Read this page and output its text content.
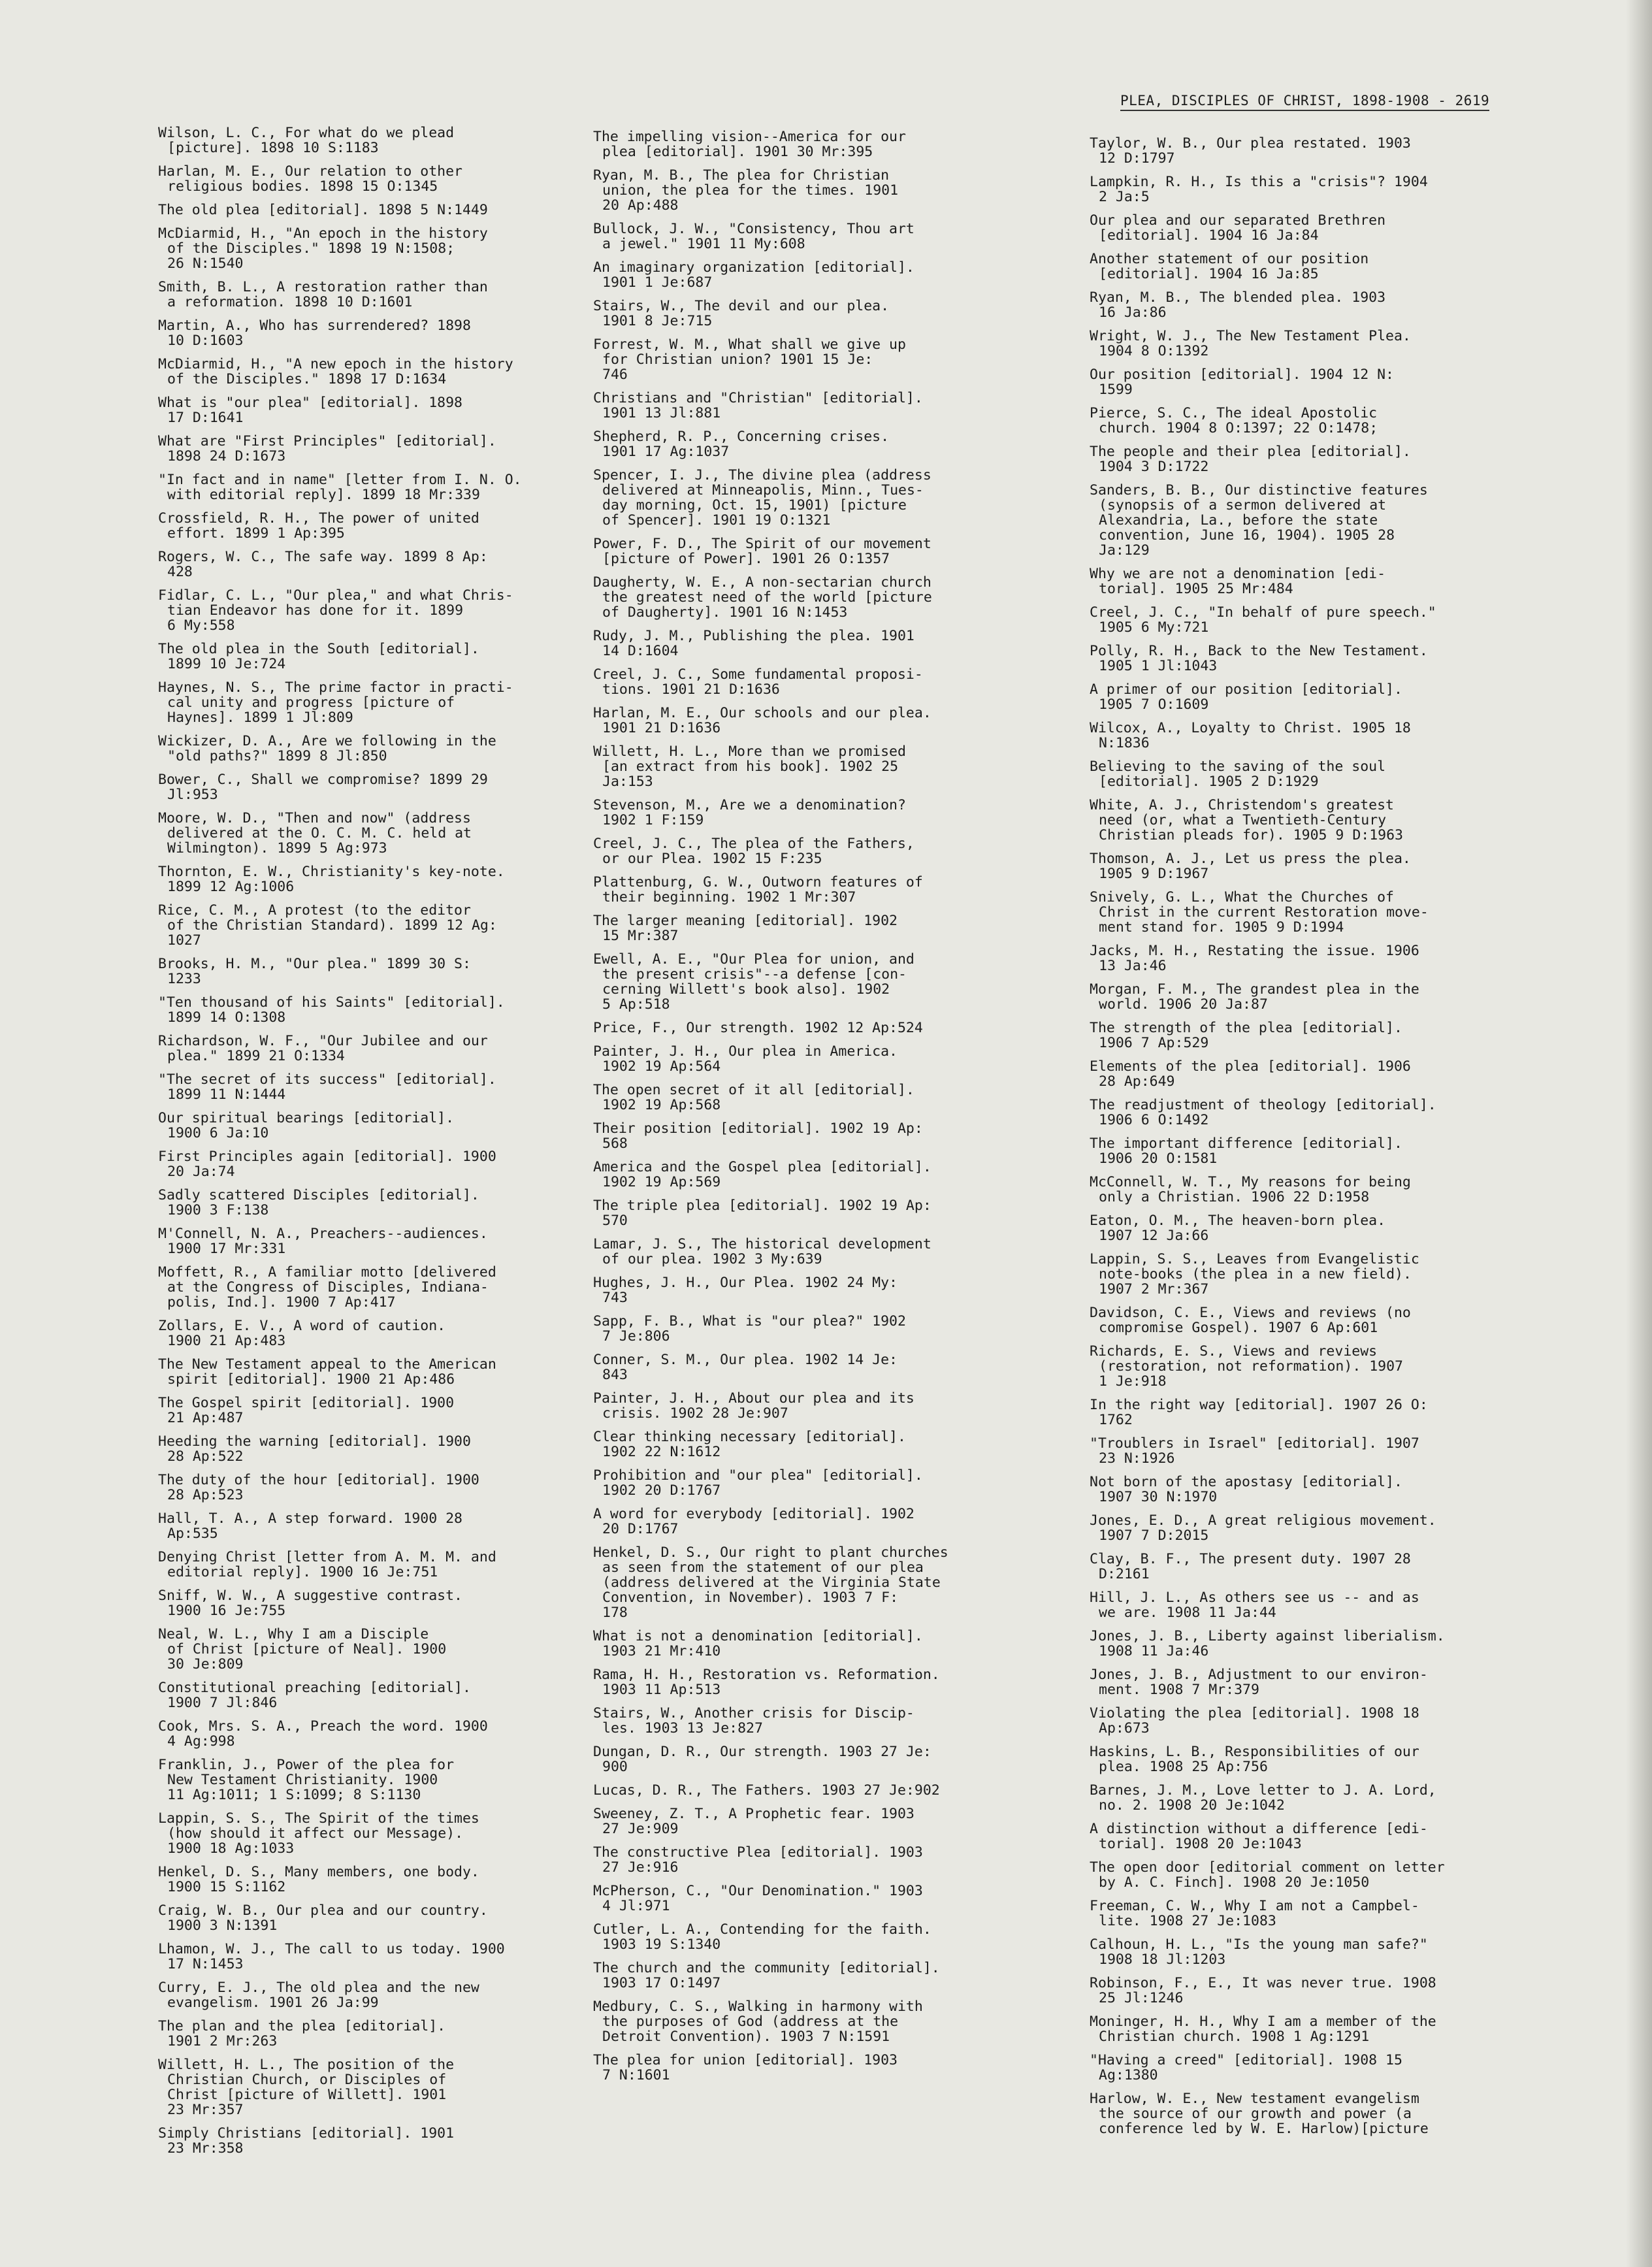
PLEA, DISCIPLES OF CHRIST, 1898-1908 - 2619
Wilson, L. C., For what do we plead
[picture]. 1898 10 S:1183
Harlan, M. E., Our relation to other
religious bodies. 1898 15 O:1345
The old plea [editorial]. 1898 5 N:1449
McDiarmid, H., "An epoch in the history
of the Disciples." 1898 19 N:1508;
26 N:1540
Smith, B. L., A restoration rather than
a reformation. 1898 10 D:1601
Martin, A., Who has surrendered? 1898
10 D:1603
McDiarmid, H., "A new epoch in the history
of the Disciples." 1898 17 D:1634
What is "our plea" [editorial]. 1898
17 D:1641
What are "First Principles" [editorial].
1898 24 D:1673
"In fact and in name" [letter from I. N. O.
with editorial reply]. 1899 18 Mr:339
Crossfield, R. H., The power of united
effort. 1899 1 Ap:395
Rogers, W. C., The safe way. 1899 8 Ap:
428
Fidlar, C. L., "Our plea," and what Chris-
tian Endeavor has done for it. 1899
6 My:558
The old plea in the South [editorial].
1899 10 Je:724
Haynes, N. S., The prime factor in practi-
cal unity and progress [picture of
Haynes]. 1899 1 Jl:809
Wickizer, D. A., Are we following in the
"old paths?" 1899 8 Jl:850
Bower, C., Shall we compromise? 1899 29
Jl:953
Moore, W. D., "Then and now" (address
delivered at the O. C. M. C. held at
Wilmington). 1899 5 Ag:973
Thornton, E. W., Christianity's key-note.
1899 12 Ag:1006
Rice, C. M., A protest (to the editor
of the Christian Standard). 1899 12 Ag:
1027
Brooks, H. M., "Our plea." 1899 30 S:
1233
"Ten thousand of his Saints" [editorial].
1899 14 O:1308
Richardson, W. F., "Our Jubilee and our
plea." 1899 21 O:1334
"The secret of its success" [editorial].
1899 11 N:1444
Our spiritual bearings [editorial].
1900 6 Ja:10
First Principles again [editorial]. 1900
20 Ja:74
Sadly scattered Disciples [editorial].
1900 3 F:138
M'Connell, N. A., Preachers--audiences.
1900 17 Mr:331
Moffett, R., A familiar motto [delivered
at the Congress of Disciples, Indiana-
polis, Ind.]. 1900 7 Ap:417
Zollars, E. V., A word of caution.
1900 21 Ap:483
The New Testament appeal to the American
spirit [editorial]. 1900 21 Ap:486
The Gospel spirit [editorial]. 1900
21 Ap:487
Heeding the warning [editorial]. 1900
28 Ap:522
The duty of the hour [editorial]. 1900
28 Ap:523
Hall, T. A., A step forward. 1900 28
Ap:535
Denying Christ [letter from A. M. M. and
editorial reply]. 1900 16 Je:751
Sniff, W. W., A suggestive contrast.
1900 16 Je:755
Neal, W. L., Why I am a Disciple
of Christ [picture of Neal]. 1900
30 Je:809
Constitutional preaching [editorial].
1900 7 Jl:846
Cook, Mrs. S. A., Preach the word. 1900
4 Ag:998
Franklin, J., Power of the plea for
New Testament Christianity. 1900
11 Ag:1011; 1 S:1099; 8 S:1130
Lappin, S. S., The Spirit of the times
(how should it affect our Message).
1900 18 Ag:1033
Henkel, D. S., Many members, one body.
1900 15 S:1162
Craig, W. B., Our plea and our country.
1900 3 N:1391
Lhamon, W. J., The call to us today. 1900
17 N:1453
Curry, E. J., The old plea and the new
evangelism. 1901 26 Ja:99
The plan and the plea [editorial].
1901 2 Mr:263
Willett, H. L., The position of the
Christian Church, or Disciples of
Christ [picture of Willett]. 1901
23 Mr:357
Simply Christians [editorial]. 1901
23 Mr:358
The impelling vision--America for our
plea [editorial]. 1901 30 Mr:395
Ryan, M. B., The plea for Christian
union, the plea for the times. 1901
20 Ap:488
Bullock, J. W., "Consistency, Thou art
a jewel." 1901 11 My:608
An imaginary organization [editorial].
1901 1 Je:687
Stairs, W., The devil and our plea.
1901 8 Je:715
Forrest, W. M., What shall we give up
for Christian union? 1901 15 Je:
746
Christians and "Christian" [editorial].
1901 13 Jl:881
Shepherd, R. P., Concerning crises.
1901 17 Ag:1037
Spencer, I. J., The divine plea (address
delivered at Minneapolis, Minn., Tues-
day morning, Oct. 15, 1901) [picture
of Spencer]. 1901 19 O:1321
Power, F. D., The Spirit of our movement
[picture of Power]. 1901 26 O:1357
Daugherty, W. E., A non-sectarian church
the greatest need of the world [picture
of Daugherty]. 1901 16 N:1453
Rudy, J. M., Publishing the plea. 1901
14 D:1604
Creel, J. C., Some fundamental proposi-
tions. 1901 21 D:1636
Harlan, M. E., Our schools and our plea.
1901 21 D:1636
Willett, H. L., More than we promised
[an extract from his book]. 1902 25
Ja:153
Stevenson, M., Are we a denomination?
1902 1 F:159
Creel, J. C., The plea of the Fathers,
or our Plea. 1902 15 F:235
Plattenburg, G. W., Outworn features of
their beginning. 1902 1 Mr:307
The larger meaning [editorial]. 1902
15 Mr:387
Ewell, A. E., "Our Plea for union, and
the present crisis"--a defense [con-
cerning Willett's book also]. 1902
5 Ap:518
Price, F., Our strength. 1902 12 Ap:524
Painter, J. H., Our plea in America.
1902 19 Ap:564
The open secret of it all [editorial].
1902 19 Ap:568
Their position [editorial]. 1902 19 Ap:
568
America and the Gospel plea [editorial].
1902 19 Ap:569
The triple plea [editorial]. 1902 19 Ap:
570
Lamar, J. S., The historical development
of our plea. 1902 3 My:639
Hughes, J. H., Our Plea. 1902 24 My:
743
Sapp, F. B., What is "our plea?" 1902
7 Je:806
Conner, S. M., Our plea. 1902 14 Je:
843
Painter, J. H., About our plea and its
crisis. 1902 28 Je:907
Clear thinking necessary [editorial].
1902 22 N:1612
Prohibition and "our plea" [editorial].
1902 20 D:1767
A word for everybody [editorial]. 1902
20 D:1767
Henkel, D. S., Our right to plant churches
as seen from the statement of our plea
(address delivered at the Virginia State
Convention, in November). 1903 7 F:
178
What is not a denomination [editorial].
1903 21 Mr:410
Rama, H. H., Restoration vs. Reformation.
1903 11 Ap:513
Stairs, W., Another crisis for Discip-
les. 1903 13 Je:827
Dungan, D. R., Our strength. 1903 27 Je:
900
Lucas, D. R., The Fathers. 1903 27 Je:902
Sweeney, Z. T., A Prophetic fear. 1903
27 Je:909
The constructive Plea [editorial]. 1903
27 Je:916
McPherson, C., "Our Denomination." 1903
4 Jl:971
Cutler, L. A., Contending for the faith.
1903 19 S:1340
The church and the community [editorial].
1903 17 O:1497
Medbury, C. S., Walking in harmony with
the purposes of God (address at the
Detroit Convention). 1903 7 N:1591
The plea for union [editorial]. 1903
7 N:1601
Taylor, W. B., Our plea restated. 1903
12 D:1797
Lampkin, R. H., Is this a "crisis"? 1904
2 Ja:5
Our plea and our separated Brethren
[editorial]. 1904 16 Ja:84
Another statement of our position
[editorial]. 1904 16 Ja:85
Ryan, M. B., The blended plea. 1903
16 Ja:86
Wright, W. J., The New Testament Plea.
1904 8 O:1392
Our position [editorial]. 1904 12 N:
1599
Pierce, S. C., The ideal Apostolic
church. 1904 8 O:1397; 22 O:1478;
The people and their plea [editorial].
1904 3 D:1722
Sanders, B. B., Our distinctive features
(synopsis of a sermon delivered at
Alexandria, La., before the state
convention, June 16, 1904). 1905 28
Ja:129
Why we are not a denomination [edi-
torial]. 1905 25 Mr:484
Creel, J. C., "In behalf of pure speech."
1905 6 My:721
Polly, R. H., Back to the New Testament.
1905 1 Jl:1043
A primer of our position [editorial].
1905 7 O:1609
Wilcox, A., Loyalty to Christ. 1905 18
N:1836
Believing to the saving of the soul
[editorial]. 1905 2 D:1929
White, A. J., Christendom's greatest
need (or, what a Twentieth-Century
Christian pleads for). 1905 9 D:1963
Thomson, A. J., Let us press the plea.
1905 9 D:1967
Snively, G. L., What the Churches of
Christ in the current Restoration move-
ment stand for. 1905 9 D:1994
Jacks, M. H., Restating the issue. 1906
13 Ja:46
Morgan, F. M., The grandest plea in the
world. 1906 20 Ja:87
The strength of the plea [editorial].
1906 7 Ap:529
Elements of the plea [editorial]. 1906
28 Ap:649
The readjustment of theology [editorial].
1906 6 O:1492
The important difference [editorial].
1906 20 O:1581
McConnell, W. T., My reasons for being
only a Christian. 1906 22 D:1958
Eaton, O. M., The heaven-born plea.
1907 12 Ja:66
Lappin, S. S., Leaves from Evangelistic
note-books (the plea in a new field).
1907 2 Mr:367
Davidson, C. E., Views and reviews (no
compromise Gospel). 1907 6 Ap:601
Richards, E. S., Views and reviews
(restoration, not reformation). 1907
1 Je:918
In the right way [editorial]. 1907 26 O:
1762
"Troublers in Israel" [editorial]. 1907
23 N:1926
Not born of the apostasy [editorial].
1907 30 N:1970
Jones, E. D., A great religious movement.
1907 7 D:2015
Clay, B. F., The present duty. 1907 28
D:2161
Hill, J. L., As others see us -- and as
we are. 1908 11 Ja:44
Jones, J. B., Liberty against liberialism.
1908 11 Ja:46
Jones, J. B., Adjustment to our environ-
ment. 1908 7 Mr:379
Violating the plea [editorial]. 1908 18
Ap:673
Haskins, L. B., Responsibilities of our
plea. 1908 25 Ap:756
Barnes, J. M., Love letter to J. A. Lord,
no. 2. 1908 20 Je:1042
A distinction without a difference [edi-
torial]. 1908 20 Je:1043
The open door [editorial comment on letter
by A. C. Finch]. 1908 20 Je:1050
Freeman, C. W., Why I am not a Campbel-
lite. 1908 27 Je:1083
Calhoun, H. L., "Is the young man safe?"
1908 18 Jl:1203
Robinson, F., E., It was never true. 1908
25 Jl:1246
Moninger, H. H., Why I am a member of the
Christian church. 1908 1 Ag:1291
"Having a creed" [editorial]. 1908 15
Ag:1380
Harlow, W. E., New testament evangelism
the source of our growth and power (a
conference led by W. E. Harlow)[picture
